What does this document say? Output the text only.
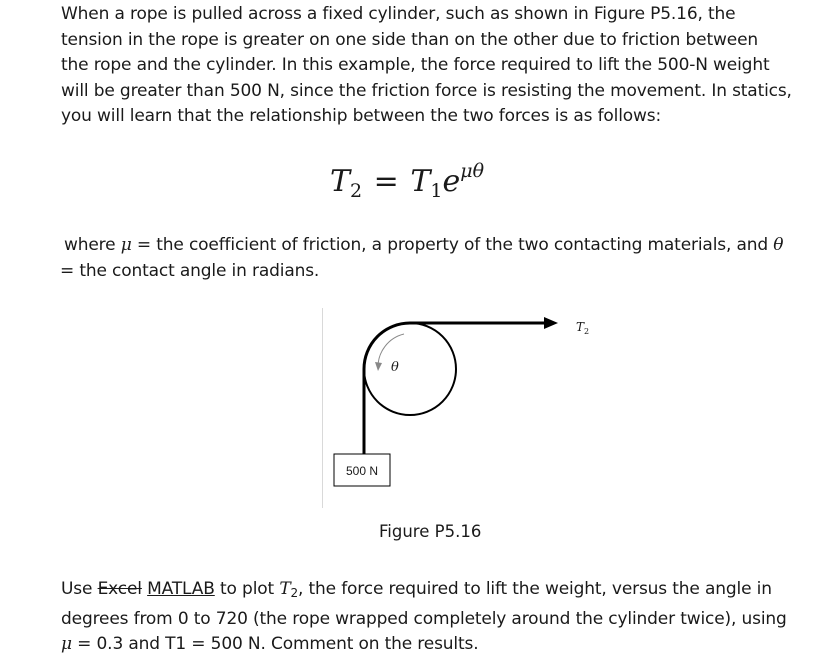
When a rope is pulled across a fixed cylinder, such as shown in Figure P5.16, the
tension in the rope is greater on one side than on the other due to friction between
the rope and the cylinder. In this example, the force required to lift the 500-N weight
will be greater than 500 N, since the friction force is resisting the movement. In statics,
you will learn that the relationship between the two forces is as follows:
$T_2 = T_1e^{\mu\theta}$
where μ = the coefficient of friction, a property of the two contacting materials, and θ
= the contact angle in radians.
$T_2$
θ
500 N
Figure P5.16
Use Excel MATLAB to plot $T_2$, the force required to lift the weight, versus the angle in
degrees from 0 to 720 (the rope wrapped completely around the cylinder twice), using
μ = 0.3 and T1 = 500 N. Comment on the results.
